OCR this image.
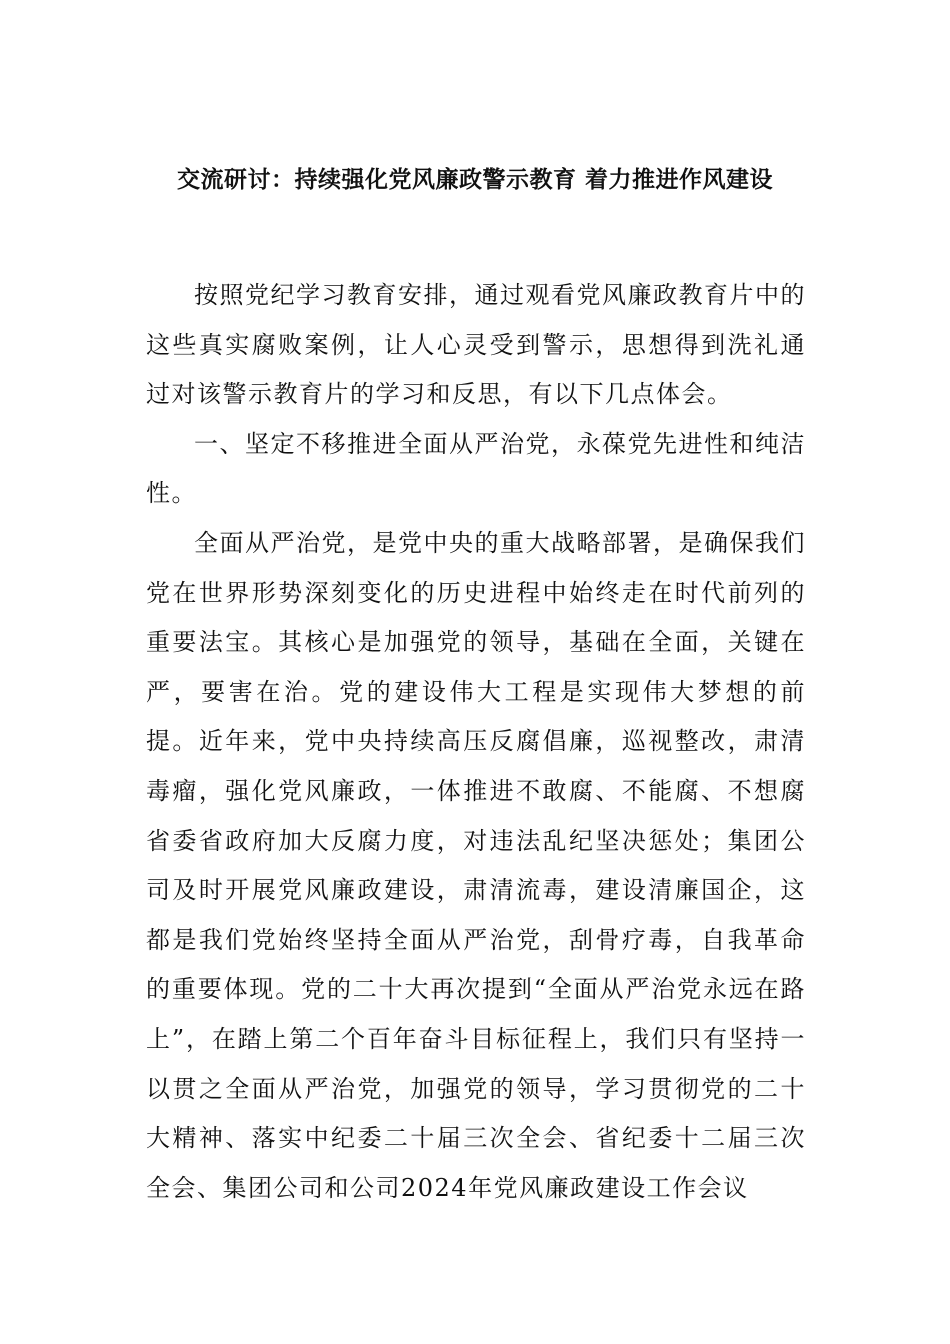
交流研讨：持续强化党风廉政警示教育 着力推进作风建设

按照党纪学习教育安排，通过观看党风廉政教育片中的这些真实腐败案例，让人心灵受到警示，思想得到洗礼通过对该警示教育片的学习和反思，有以下几点体会。

一、坚定不移推进全面从严治党，永葆党先进性和纯洁性。

全面从严治党，是党中央的重大战略部署，是确保我们党在世界形势深刻变化的历史进程中始终走在时代前列的重要法宝。其核心是加强党的领导，基础在全面，关键在严，要害在治。党的建设伟大工程是实现伟大梦想的前提。近年来，党中央持续高压反腐倡廉，巡视整改，肃清毒瘤，强化党风廉政，一体推进不敢腐、不能腐、不想腐省委省政府加大反腐力度，对违法乱纪坚决惩处；集团公司及时开展党风廉政建设，肃清流毒，建设清廉国企，这都是我们党始终坚持全面从严治党，刮骨疗毒，自我革命的重要体现。党的二十大再次提到“全面从严治党永远在路上”，在踏上第二个百年奋斗目标征程上，我们只有坚持一以贯之全面从严治党，加强党的领导，学习贯彻党的二十大精神、落实中纪委二十届三次全会、省纪委十二届三次全会、集团公司和公司2024年党风廉政建设工作会议
